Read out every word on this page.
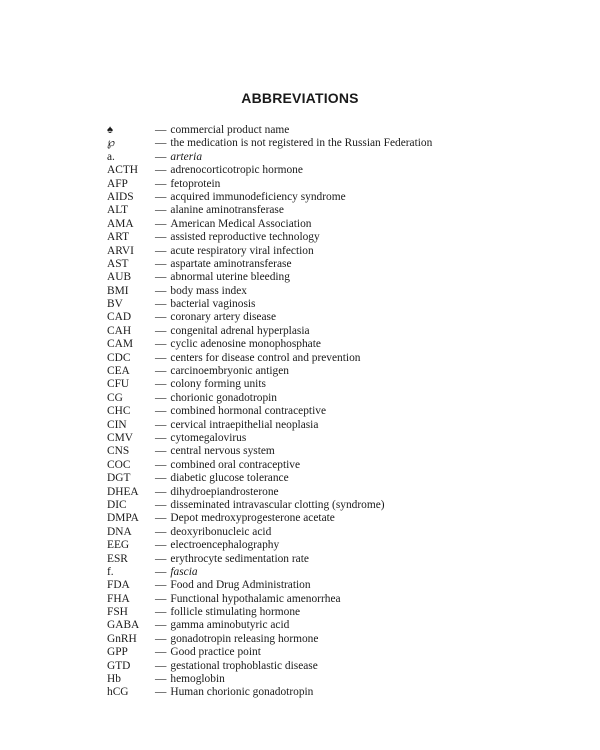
ABBREVIATIONS
♠	— commercial product name
℘	— the medication is not registered in the Russian Federation
a.	— arteria
ACTH	— adrenocorticotropic hormone
AFP	— fetoprotein
AIDS	— acquired immunodeficiency syndrome
ALT	— alanine aminotransferase
AMA	— American Medical Association
ART	— assisted reproductive technology
ARVI	— acute respiratory viral infection
AST	— aspartate aminotransferase
AUB	— abnormal uterine bleeding
BMI	— body mass index
BV	— bacterial vaginosis
CAD	— coronary artery disease
CAH	— congenital adrenal hyperplasia
CAM	— cyclic adenosine monophosphate
CDC	— centers for disease control and prevention
CEA	— carcinoembryonic antigen
CFU	— colony forming units
CG	— chorionic gonadotropin
CHC	— combined hormonal contraceptive
CIN	— cervical intraepithelial neoplasia
CMV	— cytomegalovirus
CNS	— central nervous system
COC	— combined oral contraceptive
DGT	— diabetic glucose tolerance
DHEA	— dihydroepiandrosterone
DIC	— disseminated intravascular clotting (syndrome)
DMPA	— Depot medroxyprogesterone acetate
DNA	— deoxyribonucleic acid
EEG	— electroencephalography
ESR	— erythrocyte sedimentation rate
f.	— fascia
FDA	— Food and Drug Administration
FHA	— Functional hypothalamic amenorrhea
FSH	— follicle stimulating hormone
GABA	— gamma aminobutyric acid
GnRH	— gonadotropin releasing hormone
GPP	— Good practice point
GTD	— gestational trophoblastic disease
Hb	— hemoglobin
hCG	— Human chorionic gonadotropin
